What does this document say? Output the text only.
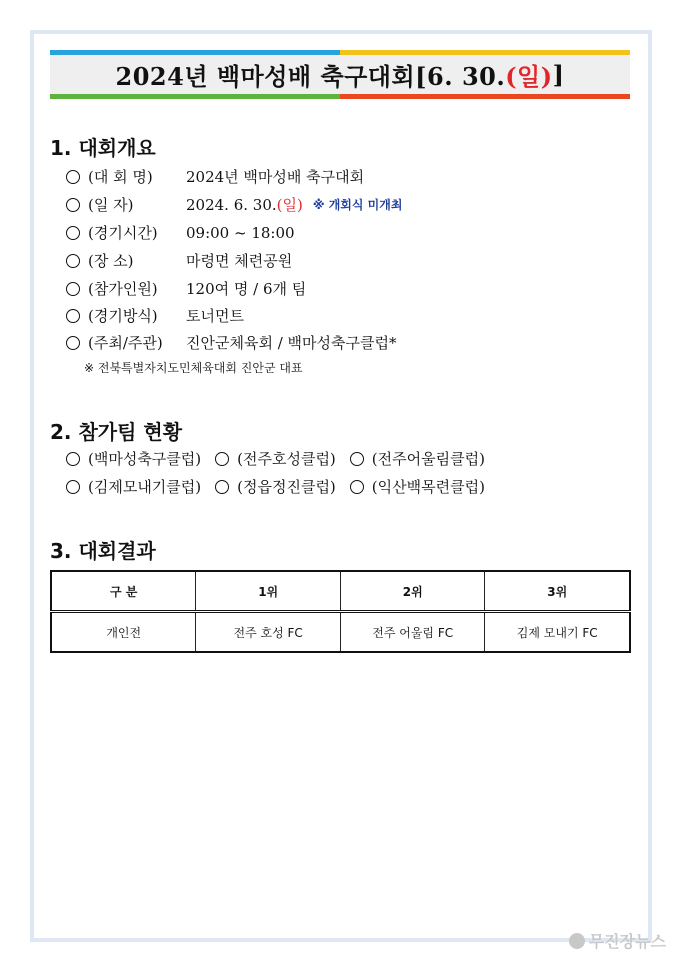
2024년 백마성배 축구대회[6. 30. (일) ]
1. 대회개요
(대 회 명)	2024년 백마성배 축구대회
(일 자)	2024. 6. 30. (일) ※ 개회식 미개최
(경기시간)	09:00 ~ 18:00
(장 소)	마령면 체련공원
(참가인원)	120여 명 / 6개 팀
(경기방식)	토너먼트
(주최/주관)	진안군체육회 / 백마성축구클럽*
※ 전북특별자치도민체육대회 진안군 대표
2. 참가팀 현황
(백마성축구클럽) (전주호성클럽) (전주어울림클럽)
(김제모내기클럽) (정읍정진클럽) (익산백목련클럽)
3. 대회결과
구 분	1위	2위	3위
개인전	전주 호성 FC	전주 어울림 FC	김제 모내기 FC
무진장뉴스
